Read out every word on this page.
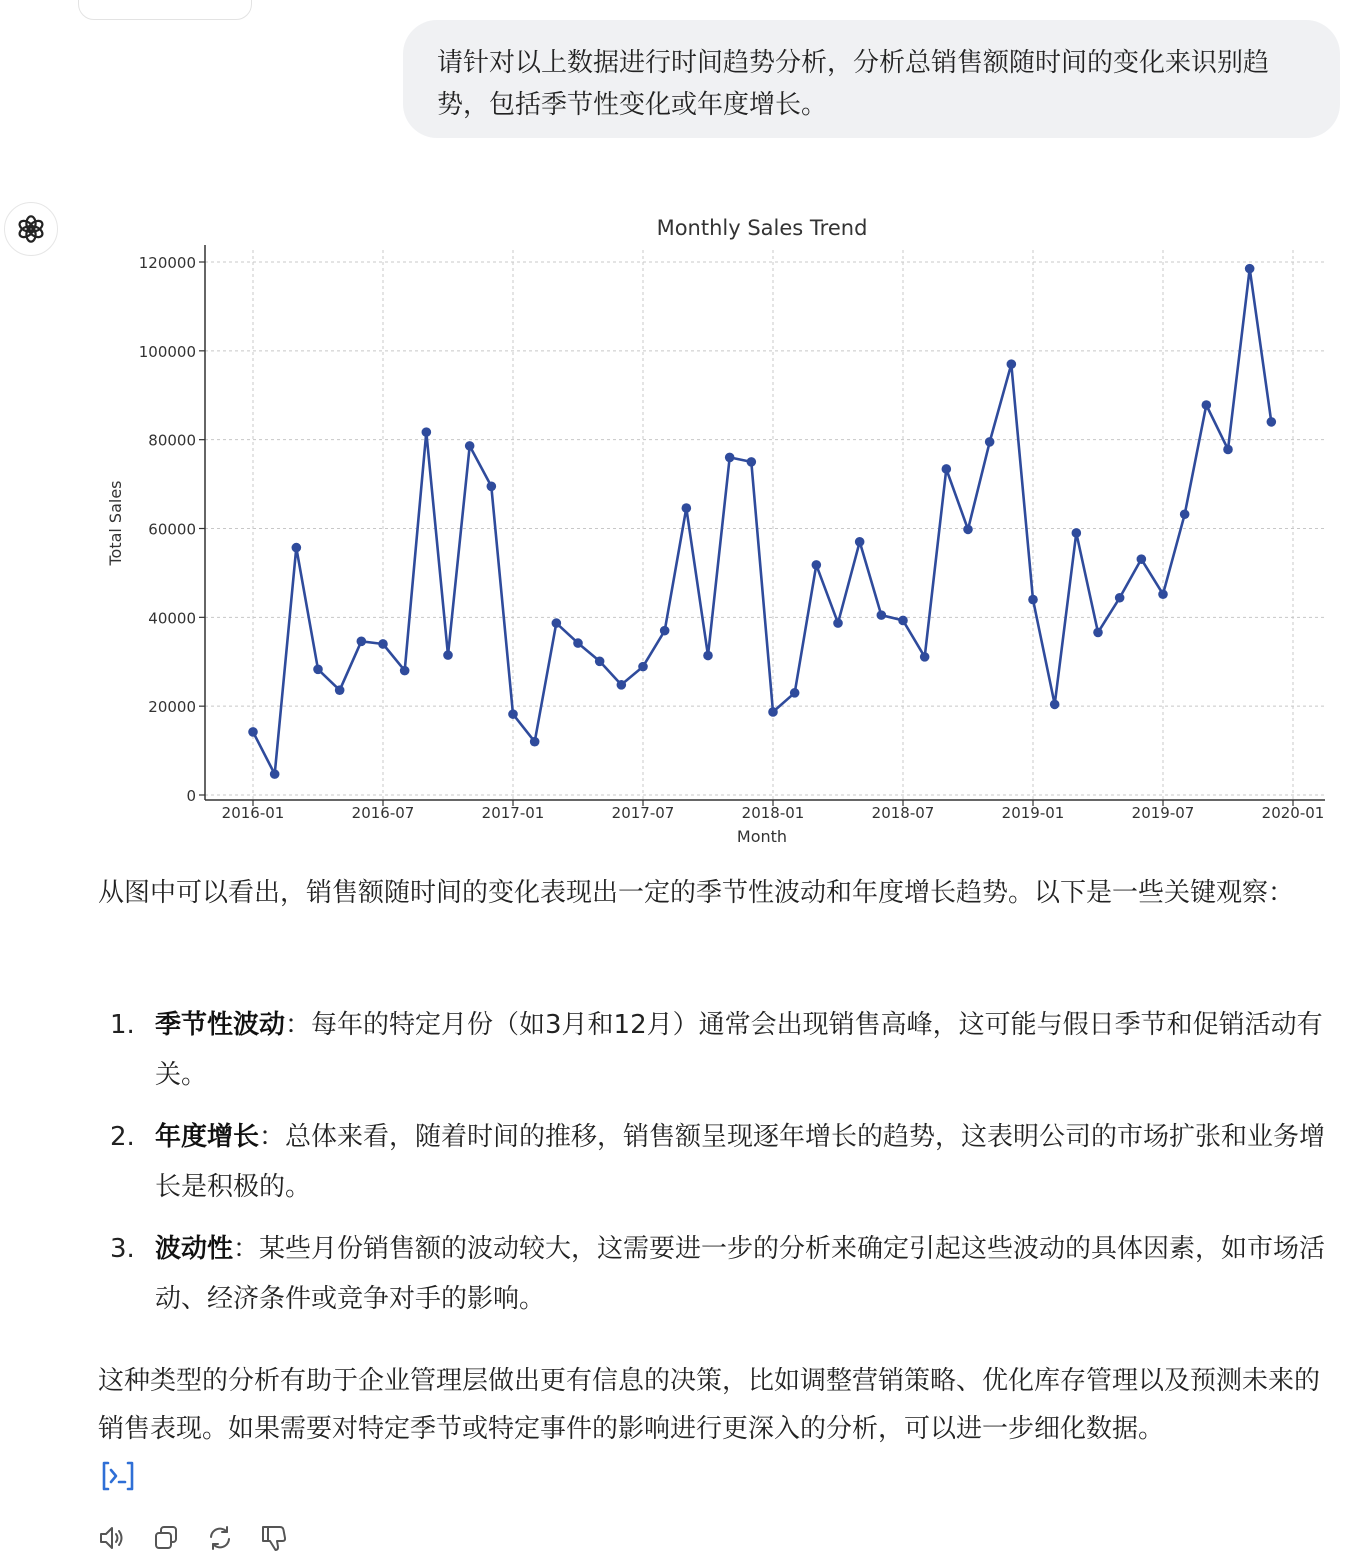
请针对以上数据进行时间趋势分析，分析总销售额随时间的变化来识别趋势，包括季节性变化或年度增长。
Monthly Sales Trend
0
20000
40000
60000
80000
100000
120000
2016-01	2016-07	2017-01	2017-07	2018-01	2018-07	2019-01	2019-07	2020-01
Month
Total Sales

从图中可以看出，销售额随时间的变化表现出一定的季节性波动和年度增长趋势。以下是一些关键观察：

1. 季节性波动：每年的特定月份（如3月和12月）通常会出现销售高峰，这可能与假日季节和促销活动有关。
2. 年度增长：总体来看，随着时间的推移，销售额呈现逐年增长的趋势，这表明公司的市场扩张和业务增长是积极的。
3. 波动性：某些月份销售额的波动较大，这需要进一步的分析来确定引起这些波动的具体因素，如市场活动、经济条件或竞争对手的影响。

这种类型的分析有助于企业管理层做出更有信息的决策，比如调整营销策略、优化库存管理以及预测未来的销售表现。如果需要对特定季节或特定事件的影响进行更深入的分析，可以进一步细化数据。
